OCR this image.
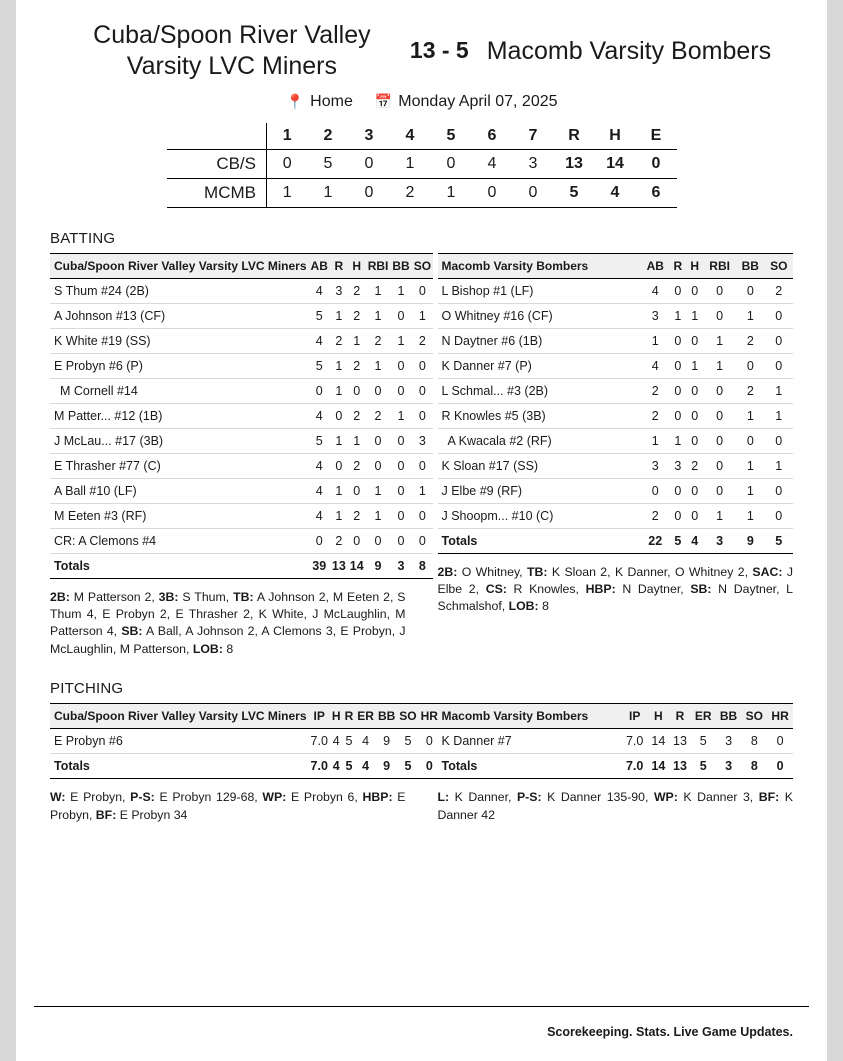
Cuba/Spoon River Valley Varsity LVC Miners
13 - 5 Macomb Varsity Bombers
📍 Home 📅 Monday April 07, 2025
	1	2	3	4	5	6	7	R	H	E
CB/S	0	5	0	1	0	4	3	13	14	0
MCMB	1	1	0	2	1	0	0	5	4	6
BATTING
Cuba/Spoon River Valley Varsity LVC Miners	AB	R	H	RBI	BB	SO
S Thum #24 (2B)	4	3	2	1	1	0
A Johnson #13 (CF)	5	1	2	1	0	1
K White #19 (SS)	4	2	1	2	1	2
E Probyn #6 (P)	5	1	2	1	0	0
M Cornell #14	0	1	0	0	0	0
M Patter... #12 (1B)	4	0	2	2	1	0
J McLau... #17 (3B)	5	1	1	0	0	3
E Thrasher #77 (C)	4	0	2	0	0	0
A Ball #10 (LF)	4	1	0	1	0	1
M Eeten #3 (RF)	4	1	2	1	0	0
CR: A Clemons #4	0	2	0	0	0	0
Totals	39	13	14	9	3	8
2B: M Patterson 2, 3B: S Thum, TB: A Johnson 2, M Eeten 2, S Thum 4, E Probyn 2, E Thrasher 2, K White, J McLaughlin, M Patterson 4, SB: A Ball, A Johnson 2, A Clemons 3, E Probyn, J McLaughlin, M Patterson, LOB: 8
Macomb Varsity Bombers	AB	R	H	RBI	BB	SO
L Bishop #1 (LF)	4	0	0	0	0	2
O Whitney #16 (CF)	3	1	1	0	1	0
N Daytner #6 (1B)	1	0	0	1	2	0
K Danner #7 (P)	4	0	1	1	0	0
L Schmal... #3 (2B)	2	0	0	0	2	1
R Knowles #5 (3B)	2	0	0	0	1	1
A Kwacala #2 (RF)	1	1	0	0	0	0
K Sloan #17 (SS)	3	3	2	0	1	1
J Elbe #9 (RF)	0	0	0	0	1	0
J Shoopm... #10 (C)	2	0	0	1	1	0
Totals	22	5	4	3	9	5
2B: O Whitney, TB: K Sloan 2, K Danner, O Whitney 2, SAC: J Elbe 2, CS: R Knowles, HBP: N Daytner, SB: N Daytner, L Schmalshof, LOB: 8
PITCHING
Cuba/Spoon River Valley Varsity LVC Miners	IP	H	R	ER	BB	SO	HR
E Probyn #6	7.0	4	5	4	9	5	0
Totals	7.0	4	5	4	9	5	0
W: E Probyn, P-S: E Probyn 129-68, WP: E Probyn 6, HBP: E Probyn, BF: E Probyn 34
Macomb Varsity Bombers	IP	H	R	ER	BB	SO	HR
K Danner #7	7.0	14	13	5	3	8	0
Totals	7.0	14	13	5	3	8	0
L: K Danner, P-S: K Danner 135-90, WP: K Danner 3, BF: K Danner 42
Scorekeeping. Stats. Live Game Updates.
